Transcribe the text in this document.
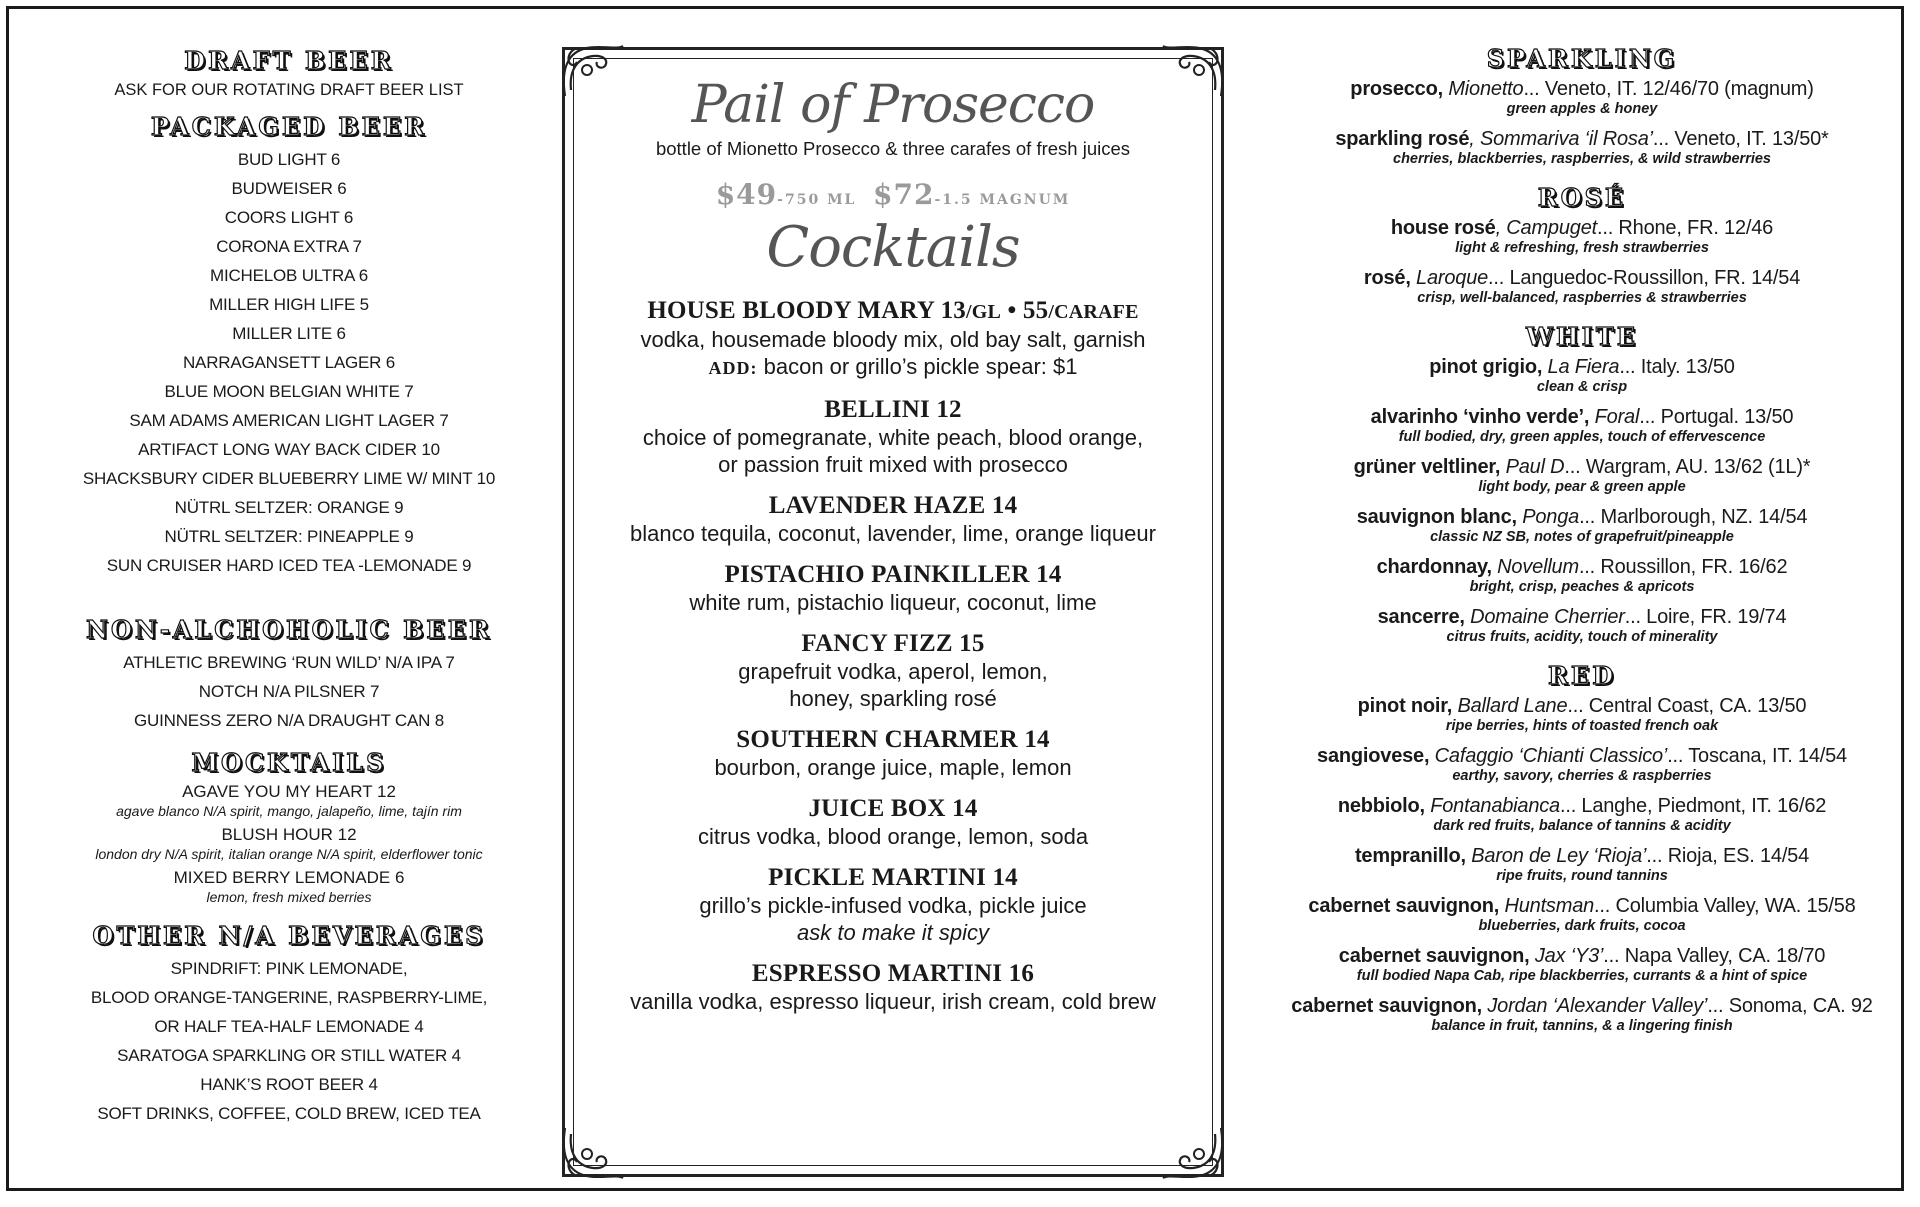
DRAFT BEER
ASK FOR OUR ROTATING DRAFT BEER LIST
PACKAGED BEER
BUD LIGHT 6
BUDWEISER 6
COORS LIGHT 6
CORONA EXTRA 7
MICHELOB ULTRA 6
MILLER HIGH LIFE 5
MILLER LITE 6
NARRAGANSETT LAGER 6
BLUE MOON BELGIAN WHITE 7
SAM ADAMS AMERICAN LIGHT LAGER 7
ARTIFACT LONG WAY BACK CIDER 10
SHACKSBURY CIDER BLUEBERRY LIME W/ MINT 10
NÜTRL SELTZER: ORANGE 9
NÜTRL SELTZER: PINEAPPLE 9
SUN CRUISER HARD ICED TEA -LEMONADE 9
NON-ALCHOHOLIC BEER
ATHLETIC BREWING ‘RUN WILD’ N/A IPA 7
NOTCH N/A PILSNER 7
GUINNESS ZERO N/A DRAUGHT CAN 8
MOCKTAILS
AGAVE YOU MY HEART 12
agave blanco N/A spirit, mango, jalapeño, lime, tajín rim
BLUSH HOUR 12
london dry N/A spirit, italian orange N/A spirit, elderflower tonic
MIXED BERRY LEMONADE 6
lemon, fresh mixed berries
OTHER N/A BEVERAGES
SPINDRIFT: PINK LEMONADE,
BLOOD ORANGE-TANGERINE, RASPBERRY-LIME,
OR HALF TEA-HALF LEMONADE 4
SARATOGA SPARKLING OR STILL WATER 4
HANK’S ROOT BEER 4
SOFT DRINKS, COFFEE, COLD BREW, ICED TEA
Pail of Prosecco
bottle of Mionetto Prosecco & three carafes of fresh juices
$49-750 ML $72-1.5 MAGNUM
Cocktails
HOUSE BLOODY MARY 13/GL • 55/CARAFE
vodka, housemade bloody mix, old bay salt, garnish
ADD: bacon or grillo’s pickle spear: $1
BELLINI 12
choice of pomegranate, white peach, blood orange,
or passion fruit mixed with prosecco
LAVENDER HAZE 14
blanco tequila, coconut, lavender, lime, orange liqueur
PISTACHIO PAINKILLER 14
white rum, pistachio liqueur, coconut, lime
FANCY FIZZ 15
grapefruit vodka, aperol, lemon,
honey, sparkling rosé
SOUTHERN CHARMER 14
bourbon, orange juice, maple, lemon
JUICE BOX 14
citrus vodka, blood orange, lemon, soda
PICKLE MARTINI 14
grillo’s pickle-infused vodka, pickle juice
ask to make it spicy
ESPRESSO MARTINI 16
vanilla vodka, espresso liqueur, irish cream, cold brew
SPARKLING
prosecco, Mionetto... Veneto, IT. 12/46/70 (magnum)
green apples & honey
sparkling rosé, Sommariva ‘il Rosa’... Veneto, IT. 13/50*
cherries, blackberries, raspberries, & wild strawberries
ROSÉ
house rosé, Campuget... Rhone, FR. 12/46
light & refreshing, fresh strawberries
rosé, Laroque... Languedoc-Roussillon, FR. 14/54
crisp, well-balanced, raspberries & strawberries
WHITE
pinot grigio, La Fiera... Italy. 13/50
clean & crisp
alvarinho ‘vinho verde’, Foral... Portugal. 13/50
full bodied, dry, green apples, touch of effervescence
grüner veltliner, Paul D... Wargram, AU. 13/62 (1L)*
light body, pear & green apple
sauvignon blanc, Ponga... Marlborough, NZ. 14/54
classic NZ SB, notes of grapefruit/pineapple
chardonnay, Novellum... Roussillon, FR. 16/62
bright, crisp, peaches & apricots
sancerre, Domaine Cherrier... Loire, FR. 19/74
citrus fruits, acidity, touch of minerality
RED
pinot noir, Ballard Lane... Central Coast, CA. 13/50
ripe berries, hints of toasted french oak
sangiovese, Cafaggio ‘Chianti Classico’... Toscana, IT. 14/54
earthy, savory, cherries & raspberries
nebbiolo, Fontanabianca... Langhe, Piedmont, IT. 16/62
dark red fruits, balance of tannins & acidity
tempranillo, Baron de Ley ‘Rioja’... Rioja, ES. 14/54
ripe fruits, round tannins
cabernet sauvignon, Huntsman... Columbia Valley, WA. 15/58
blueberries, dark fruits, cocoa
cabernet sauvignon, Jax ‘Y3’... Napa Valley, CA. 18/70
full bodied Napa Cab, ripe blackberries, currants & a hint of spice
cabernet sauvignon, Jordan ‘Alexander Valley’... Sonoma, CA. 92
balance in fruit, tannins, & a lingering finish
